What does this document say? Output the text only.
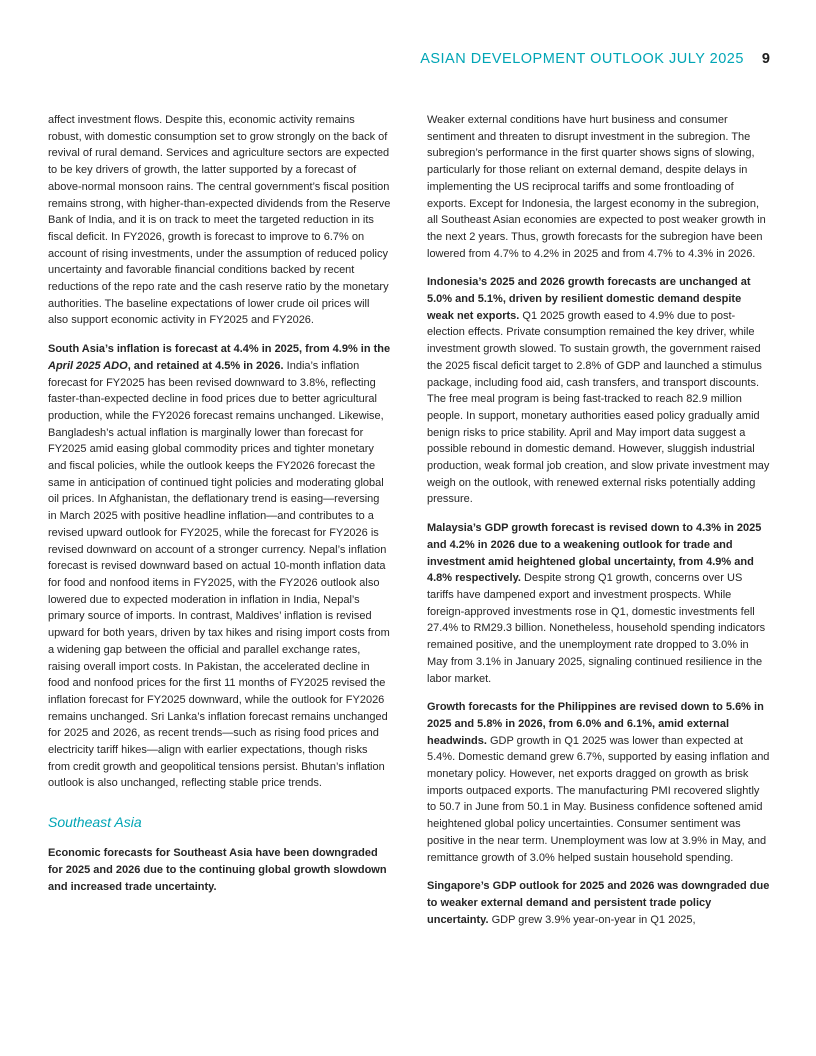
ASIAN DEVELOPMENT OUTLOOK JULY 2025 9

affect investment flows. Despite this, economic activity remains robust, with domestic consumption set to grow strongly on the back of revival of rural demand. Services and agriculture sectors are expected to be key drivers of growth, the latter supported by a forecast of above-normal monsoon rains. The central government’s fiscal position remains strong, with higher-than-expected dividends from the Reserve Bank of India, and it is on track to meet the targeted reduction in its fiscal deficit. In FY2026, growth is forecast to improve to 6.7% on account of rising investments, under the assumption of reduced policy uncertainty and favorable financial conditions backed by recent reductions of the repo rate and the cash reserve ratio by the monetary authorities. The baseline expectations of lower crude oil prices will also support economic activity in FY2025 and FY2026.

South Asia’s inflation is forecast at 4.4% in 2025, from 4.9% in the April 2025 ADO, and retained at 4.5% in 2026. India’s inflation forecast for FY2025 has been revised downward to 3.8%, reflecting faster-than-expected decline in food prices due to better agricultural production, while the FY2026 forecast remains unchanged. Likewise, Bangladesh’s actual inflation is marginally lower than forecast for FY2025 amid easing global commodity prices and tighter monetary and fiscal policies, while the outlook keeps the FY2026 forecast the same in anticipation of continued tight policies and moderating global oil prices. In Afghanistan, the deflationary trend is easing—reversing in March 2025 with positive headline inflation—and contributes to a revised upward outlook for FY2025, while the forecast for FY2026 is revised downward on account of a stronger currency. Nepal’s inflation forecast is revised downward based on actual 10-month inflation data for food and nonfood items in FY2025, with the FY2026 outlook also lowered due to expected moderation in inflation in India, Nepal’s primary source of imports. In contrast, Maldives’ inflation is revised upward for both years, driven by tax hikes and rising import costs from a widening gap between the official and parallel exchange rates, raising overall import costs. In Pakistan, the accelerated decline in food and nonfood prices for the first 11 months of FY2025 revised the inflation forecast for FY2025 downward, while the outlook for FY2026 remains unchanged. Sri Lanka’s inflation forecast remains unchanged for 2025 and 2026, as recent trends—such as rising food prices and electricity tariff hikes—align with earlier expectations, though risks from credit growth and geopolitical tensions persist. Bhutan’s inflation outlook is also unchanged, reflecting stable price trends.

Southeast Asia

Economic forecasts for Southeast Asia have been downgraded for 2025 and 2026 due to the continuing global growth slowdown and increased trade uncertainty.

Weaker external conditions have hurt business and consumer sentiment and threaten to disrupt investment in the subregion. The subregion’s performance in the first quarter shows signs of slowing, particularly for those reliant on external demand, despite delays in implementing the US reciprocal tariffs and some frontloading of exports. Except for Indonesia, the largest economy in the subregion, all Southeast Asian economies are expected to post weaker growth in the next 2 years. Thus, growth forecasts for the subregion have been lowered from 4.7% to 4.2% in 2025 and from 4.7% to 4.3% in 2026.

Indonesia’s 2025 and 2026 growth forecasts are unchanged at 5.0% and 5.1%, driven by resilient domestic demand despite weak net exports. Q1 2025 growth eased to 4.9% due to post-election effects. Private consumption remained the key driver, while investment growth slowed. To sustain growth, the government raised the 2025 fiscal deficit target to 2.8% of GDP and launched a stimulus package, including food aid, cash transfers, and transport discounts. The free meal program is being fast-tracked to reach 82.9 million people. In support, monetary authorities eased policy gradually amid benign risks to price stability. April and May import data suggest a possible rebound in domestic demand. However, sluggish industrial production, weak formal job creation, and slow private investment may weigh on the outlook, with renewed external risks potentially adding pressure.

Malaysia’s GDP growth forecast is revised down to 4.3% in 2025 and 4.2% in 2026 due to a weakening outlook for trade and investment amid heightened global uncertainty, from 4.9% and 4.8% respectively. Despite strong Q1 growth, concerns over US tariffs have dampened export and investment prospects. While foreign-approved investments rose in Q1, domestic investments fell 27.4% to RM29.3 billion. Nonetheless, household spending indicators remained positive, and the unemployment rate dropped to 3.0% in May from 3.1% in January 2025, signaling continued resilience in the labor market.

Growth forecasts for the Philippines are revised down to 5.6% in 2025 and 5.8% in 2026, from 6.0% and 6.1%, amid external headwinds. GDP growth in Q1 2025 was lower than expected at 5.4%. Domestic demand grew 6.7%, supported by easing inflation and monetary policy. However, net exports dragged on growth as brisk imports outpaced exports. The manufacturing PMI recovered slightly to 50.7 in June from 50.1 in May. Business confidence softened amid heightened global policy uncertainties. Consumer sentiment was positive in the near term. Unemployment was low at 3.9% in May, and remittance growth of 3.0% helped sustain household spending.

Singapore’s GDP outlook for 2025 and 2026 was downgraded due to weaker external demand and persistent trade policy uncertainty. GDP grew 3.9% year-on-year in Q1 2025,
